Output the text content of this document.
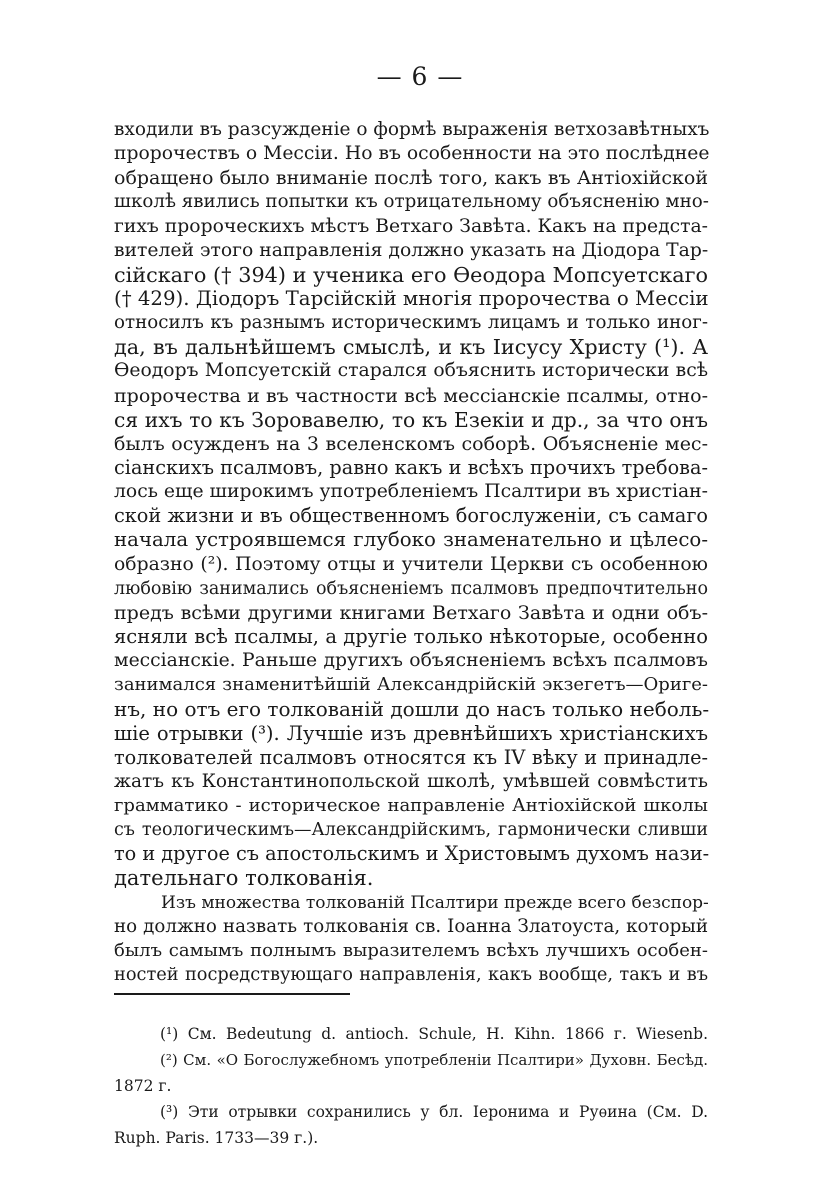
— 6 —
входили въ разсужденіе о формѣ выраженія ветхозавѣтныхъ
пророчествъ о Мессіи. Но въ особенности на это послѣднее
обращено было вниманіе послѣ того, какъ въ Антіохійской
школѣ явились попытки къ отрицательному объясненію мно-
гихъ пророческихъ мѣстъ Ветхаго Завѣта. Какъ на предста-
вителей этого направленія должно указать на Діодора Тар-
сійскаго († 394) и ученика его Ѳеодора Мопсуетскаго
(† 429). Діодоръ Тарсійскій многія пророчества о Мессіи
относилъ къ разнымъ историческимъ лицамъ и только иног-
да, въ дальнѣйшемъ смыслѣ, и къ Іисусу Христу (¹). А
Ѳеодоръ Мопсуетскій старался объяснить исторически всѣ
пророчества и въ частности всѣ мессіанскіе псалмы, отно-
ся ихъ то къ Зоровавелю, то къ Езекіи и др., за что онъ
былъ осужденъ на 3 вселенскомъ соборѣ. Объясненіе мес-
сіанскихъ псалмовъ, равно какъ и всѣхъ прочихъ требова-
лось еще широкимъ употребленіемъ Псалтири въ христіан-
ской жизни и въ общественномъ богослуженіи, съ самаго
начала устроявшемся глубоко знаменательно и цѣлесо-
образно (²). Поэтому отцы и учители Церкви съ особенною
любовію занимались объясненіемъ псалмовъ предпочтительно
предъ всѣми другими книгами Ветхаго Завѣта и одни объ-
ясняли всѣ псалмы, а другіе только нѣкоторые, особенно
мессіанскіе. Раньше другихъ объясненіемъ всѣхъ псалмовъ
занимался знаменитѣйшій Александрійскій экзегетъ—Ориге-
нъ, но отъ его толкованій дошли до насъ только неболь-
шіе отрывки (³). Лучшіе изъ древнѣйшихъ христіанскихъ
толкователей псалмовъ относятся къ IV вѣку и принадле-
жатъ къ Константинопольской школѣ, умѣвшей совмѣстить
грамматико - историческое направленіе Антіохійской школы
съ теологическимъ—Александрійскимъ, гармонически сливши
то и другое съ апостольскимъ и Христовымъ духомъ нази-
дательнаго толкованія.
Изъ множества толкованій Псалтири прежде всего безспор-
но должно назвать толкованія св. Іоанна Златоуста, который
былъ самымъ полнымъ выразителемъ всѣхъ лучшихъ особен-
ностей посредствующаго направленія, какъ вообще, такъ и въ
(¹) См. Bedeutung d. antioch. Schule, H. Kihn. 1866 г. Wiesenb.
(²) См. «О Богослужебномъ употребленіи Псалтири» Духовн. Бесѣд.
1872 г.
(³) Эти отрывки сохранились у бл. Іеронима и Руѳина (См. D.
Ruph. Paris. 1733—39 г.).
